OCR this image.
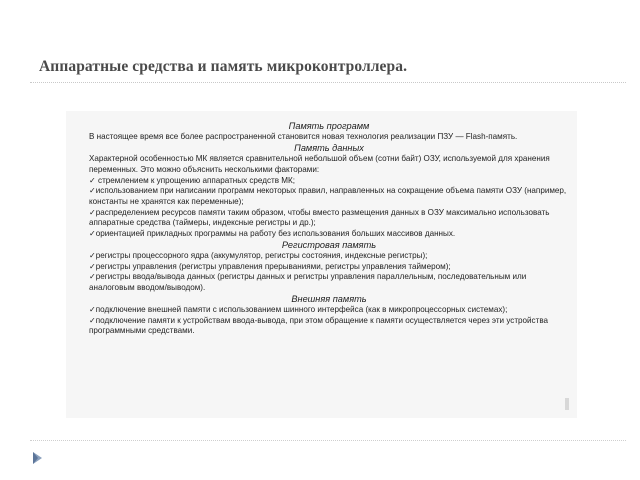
Аппаратные средства и память микроконтроллера.
Память программ

В настоящее время все более распространенной становится новая технология реализации ПЗУ — Flash-память.

Память данных

Характерной особенностью МК является сравнительной небольшой объем (сотни байт) ОЗУ, используемой для хранения переменных. Это можно объяснить несколькими факторами:

✓ стремлением к упрощению аппаратных средств МК;

✓использованием при написании программ некоторых правил, направленных на сокращение объема памяти ОЗУ (например, константы не хранятся как переменные);

✓распределением ресурсов памяти таким образом, чтобы вместо размещения данных в ОЗУ максимально использовать аппаратные средства (таймеры, индексные регистры и др.);

✓ориентацией прикладных программы на работу без использования больших массивов данных.

Регистровая память

✓регистры процессорного ядра (аккумулятор, регистры состояния, индексные регистры);

✓регистры управления (регистры управления прерываниями, регистры управления таймером);

✓регистры ввода/вывода данных (регистры данных и регистры управления параллельным, последовательным или аналоговым вводом/выводом).

Внешняя память

✓подключение внешней памяти с использованием шинного интерфейса (как в микропроцессорных системах);

✓подключение памяти к устройствам ввода-вывода, при этом обращение к памяти осуществляется через эти устройства программными средствами.
